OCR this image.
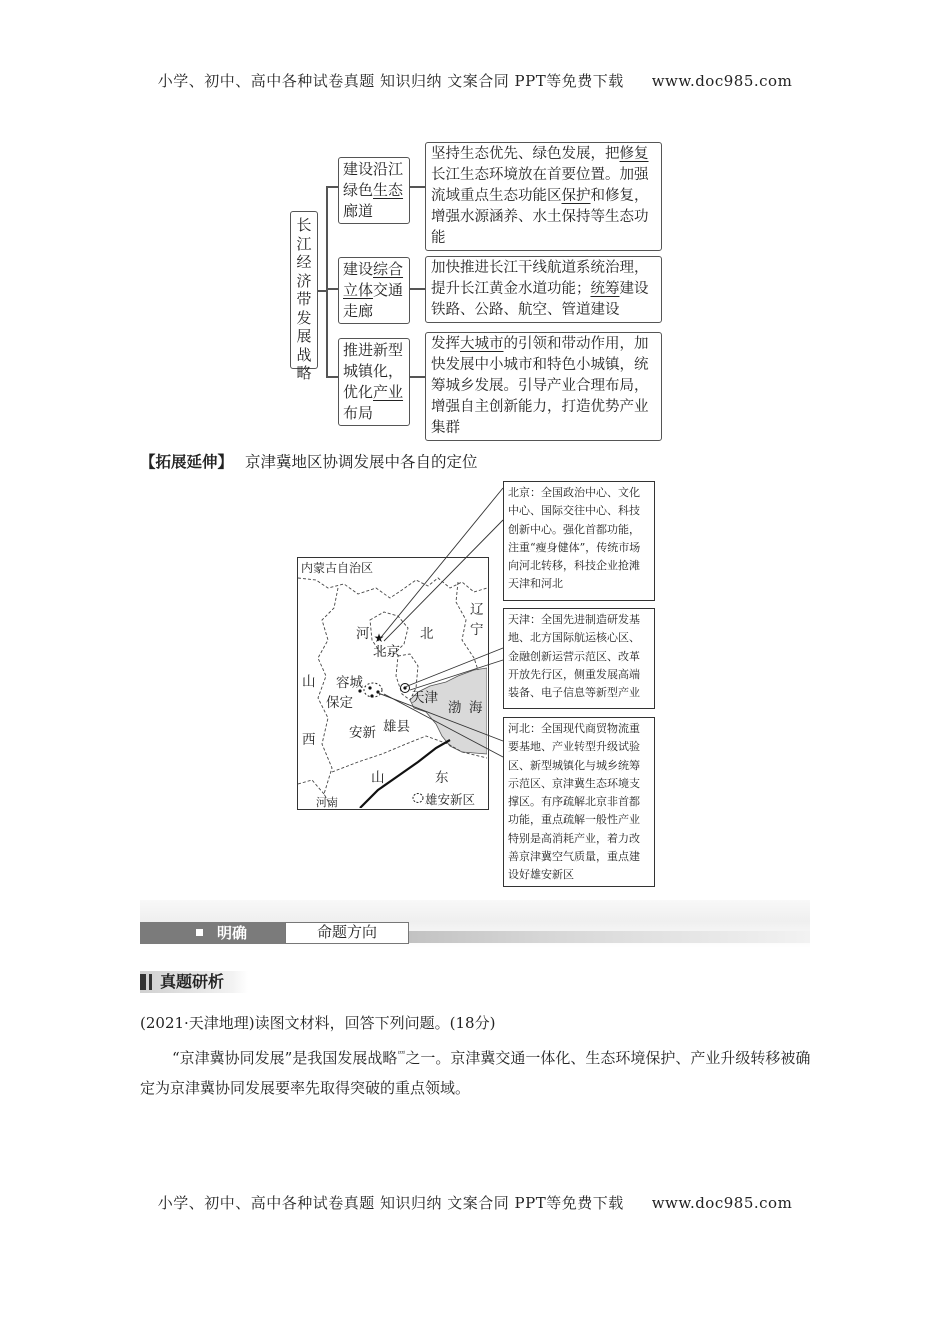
小学、初中、高中各种试卷真题 知识归纳 文案合同 PPT等免费下载 www.doc985.com
长江经济带发展战略
建设沿江绿色生态廊道
建设综合立体交通走廊
推进新型城镇化，优化产业布局
坚持生态优先、绿色发展，把修复长江生态环境放在首要位置。加强流域重点生态功能区保护和修复，增强水源涵养、水土保持等生态功能
加快推进长江干线航道系统治理，提升长江黄金水道功能；统筹建设铁路、公路、航空、管道建设
发挥大城市的引领和带动作用，加快发展中小城市和特色小城镇，统筹城乡发展。引导产业合理布局，增强自主创新能力，打造优势产业集群
【拓展延伸】 京津冀地区协调发展中各自的定位
★
内蒙古自治区
河	北
辽
宁
北京
山
西
容城
保定	天津
安新 雄县
渤 海
山	东
河南	雄安新区
北京：全国政治中心、文化中心、国际交往中心、科技创新中心。强化首都功能，注重“瘦身健体”，传统市场向河北转移，科技企业抢滩天津和河北
天津：全国先进制造研发基地、北方国际航运核心区、金融创新运营示范区、改革开放先行区，侧重发展高端装备、电子信息等新型产业
河北：全国现代商贸物流重要基地、产业转型升级试验区、新型城镇化与城乡统筹示范区、京津冀生态环境支撑区。有序疏解北京非首都功能，重点疏解一般性产业特别是高消耗产业，着力改善京津冀空气质量，重点建设好雄安新区
明确	命题方向
真题研析
(2021·天津地理)读图文材料，回答下列问题。(18分)
“京津冀协同发展”是我国发展战略$^罒$之一。京津冀交通一体化、生态环境保护、产业升级转移被确定为京津冀协同发展要率先取得突破的重点领域。
小学、初中、高中各种试卷真题 知识归纳 文案合同 PPT等免费下载 www.doc985.com
